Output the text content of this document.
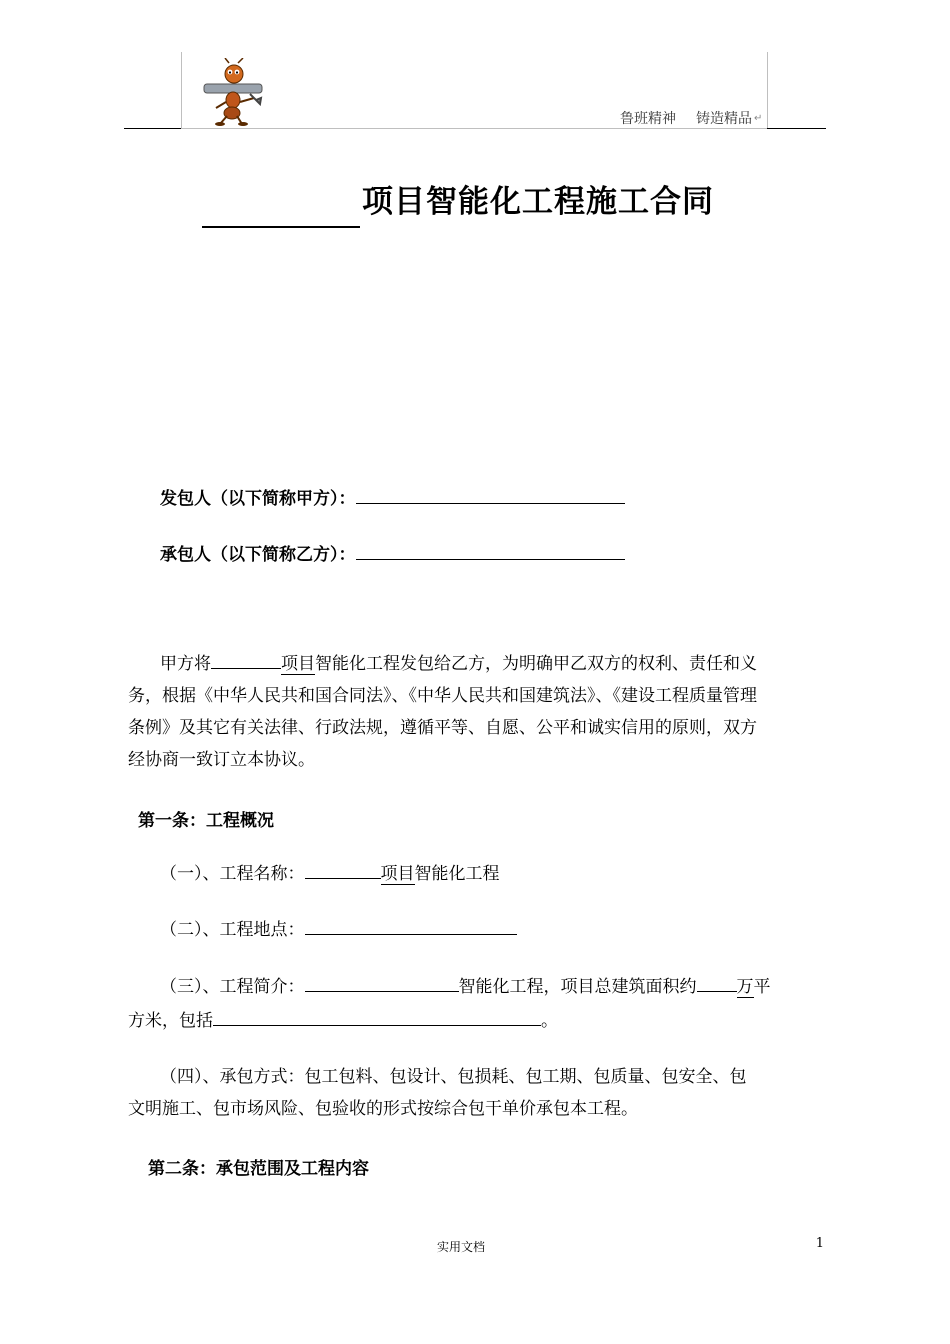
鲁班精神 铸造精品 ↵
项目智能化工程施工合同
发包人（以下简称甲方）：
承包人（以下简称乙方）：
甲方将	项目智能化工程发包给乙方，为明确甲乙双方的权利、责任和义
务，根据《中华人民共和国合同法》、《中华人民共和国建筑法》、《建设工程质量管理
条例》及其它有关法律、行政法规，遵循平等、自愿、公平和诚实信用的原则，双方
经协商一致订立本协议。
第一条：工程概况
（一）、工程名称：	项目智能化工程
（二）、工程地点：
（三）、工程简介：	智能化工程，项目总建筑面积约 万平
方米，包括	。
（四）、承包方式：包工包料、包设计、包损耗、包工期、包质量、包安全、包
文明施工、包市场风险、包验收的形式按综合包干单价承包本工程。
第二条：承包范围及工程内容
实用文档	1
